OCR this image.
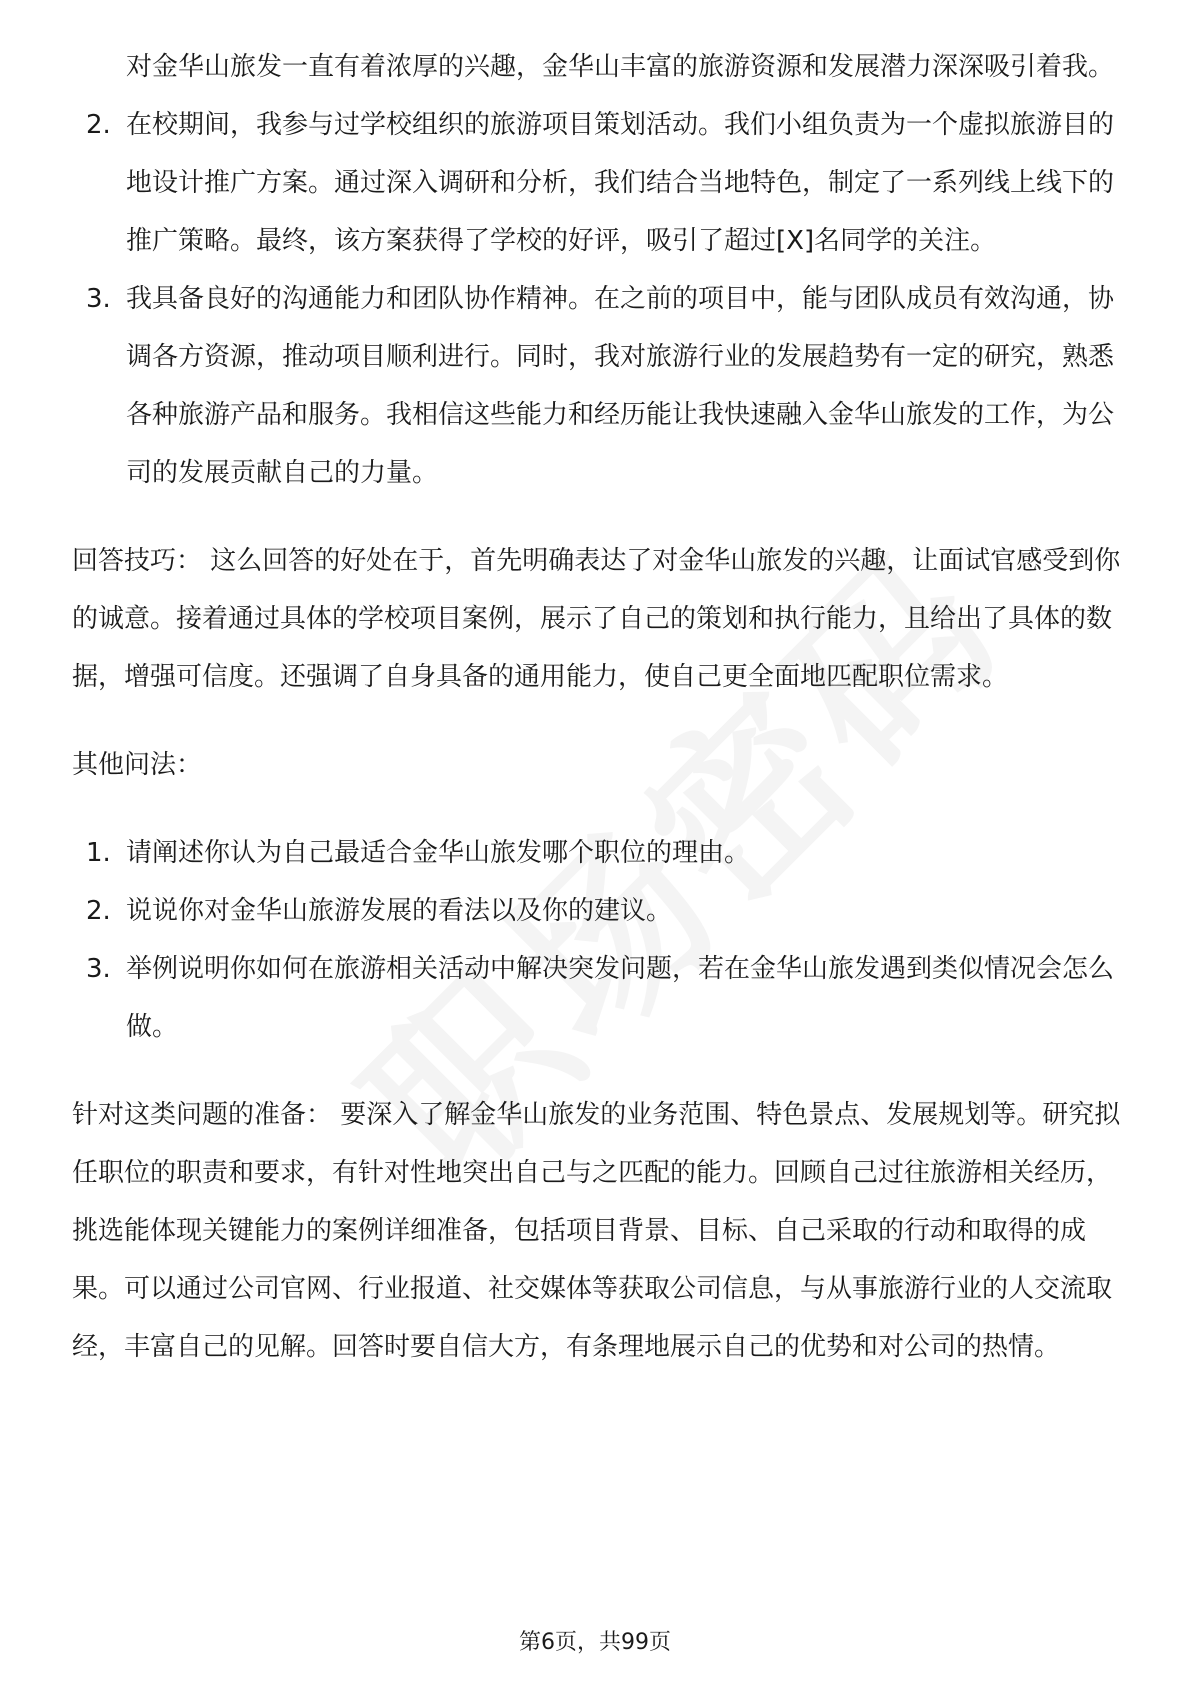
对金华山旅发一直有着浓厚的兴趣，金华山丰富的旅游资源和发展潜力深深吸引着我。

2. 在校期间，我参与过学校组织的旅游项目策划活动。我们小组负责为一个虚拟旅游目的地设计推广方案。通过深入调研和分析，我们结合当地特色，制定了一系列线上线下的推广策略。最终，该方案获得了学校的好评，吸引了超过[X]名同学的关注。
3. 我具备良好的沟通能力和团队协作精神。在之前的项目中，能与团队成员有效沟通，协调各方资源，推动项目顺利进行。同时，我对旅游行业的发展趋势有一定的研究，熟悉各种旅游产品和服务。我相信这些能力和经历能让我快速融入金华山旅发的工作，为公司的发展贡献自己的力量。

回答技巧： 这么回答的好处在于，首先明确表达了对金华山旅发的兴趣，让面试官感受到你的诚意。接着通过具体的学校项目案例，展示了自己的策划和执行能力，且给出了具体的数据，增强可信度。还强调了自身具备的通用能力，使自己更全面地匹配职位需求。

其他问法：

1. 请阐述你认为自己最适合金华山旅发哪个职位的理由。
2. 说说你对金华山旅游发展的看法以及你的建议。
3. 举例说明你如何在旅游相关活动中解决突发问题，若在金华山旅发遇到类似情况会怎么做。

针对这类问题的准备： 要深入了解金华山旅发的业务范围、特色景点、发展规划等。研究拟任职位的职责和要求，有针对性地突出自己与之匹配的能力。回顾自己过往旅游相关经历，挑选能体现关键能力的案例详细准备，包括项目背景、目标、自己采取的行动和取得的成果。可以通过公司官网、行业报道、社交媒体等获取公司信息，与从事旅游行业的人交流取经，丰富自己的见解。回答时要自信大方，有条理地展示自己的优势和对公司的热情。

第6页，共99页
